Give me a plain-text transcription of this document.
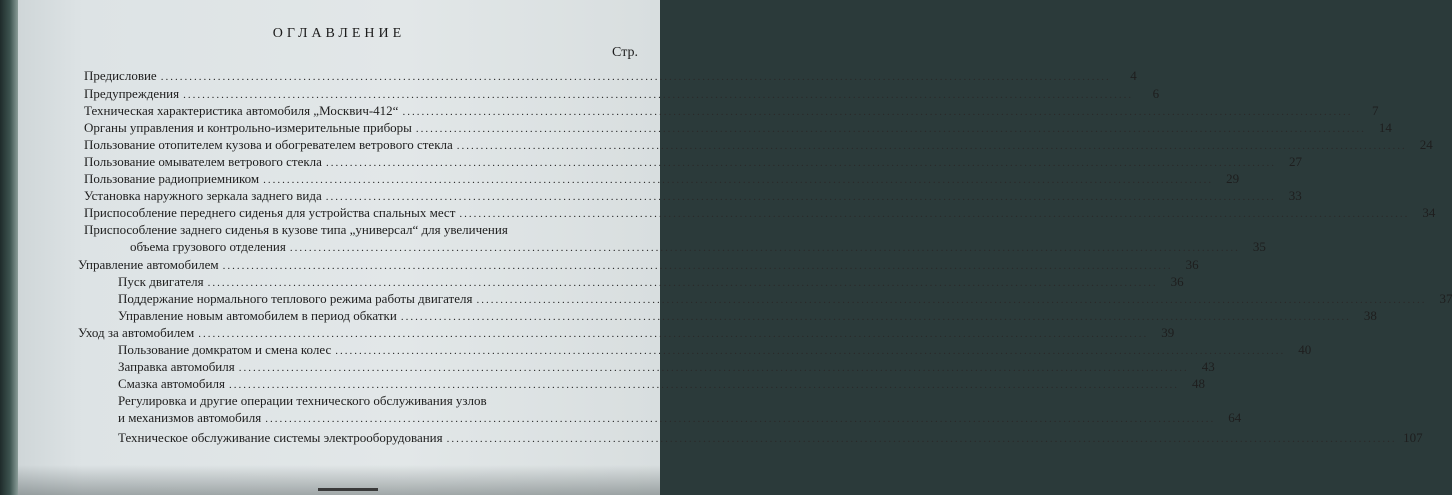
ОГЛАВЛЕНИЕ
Стр.
Предисловие ........................................................................................................................................................................................................	4
Предупреждения ........................................................................................................................................................................................................	6
Техническая характеристика автомобиля „Москвич-412“ ........................................................................................................................................................................................................	7
Органы управления и контрольно-измерительные приборы ........................................................................................................................................................................................................	14
Пользование отопителем кузова и обогревателем ветрового стекла ........................................................................................................................................................................................................	24
Пользование омывателем ветрового стекла ........................................................................................................................................................................................................	27
Пользование радиоприемником ........................................................................................................................................................................................................	29
Установка наружного зеркала заднего вида ........................................................................................................................................................................................................	33
Приспособление переднего сиденья для устройства спальных мест ........................................................................................................................................................................................................	34
Приспособление заднего сиденья в кузове типа „универсал“ для увеличения
объема грузового отделения ........................................................................................................................................................................................................	35
Управление автомобилем ........................................................................................................................................................................................................	36
Пуск двигателя ........................................................................................................................................................................................................	36
Поддержание нормального теплового режима работы двигателя ........................................................................................................................................................................................................	37
Управление новым автомобилем в период обкатки ........................................................................................................................................................................................................	38
Уход за автомобилем ........................................................................................................................................................................................................	39
Пользование домкратом и смена колес ........................................................................................................................................................................................................	40
Заправка автомобиля ........................................................................................................................................................................................................	43
Смазка автомобиля ........................................................................................................................................................................................................	48
Регулировка и другие операции технического обслуживания узлов
и механизмов автомобиля ........................................................................................................................................................................................................	64
Техническое обслуживание системы электрооборудования ........................................................................................................................................................................................................ 107
